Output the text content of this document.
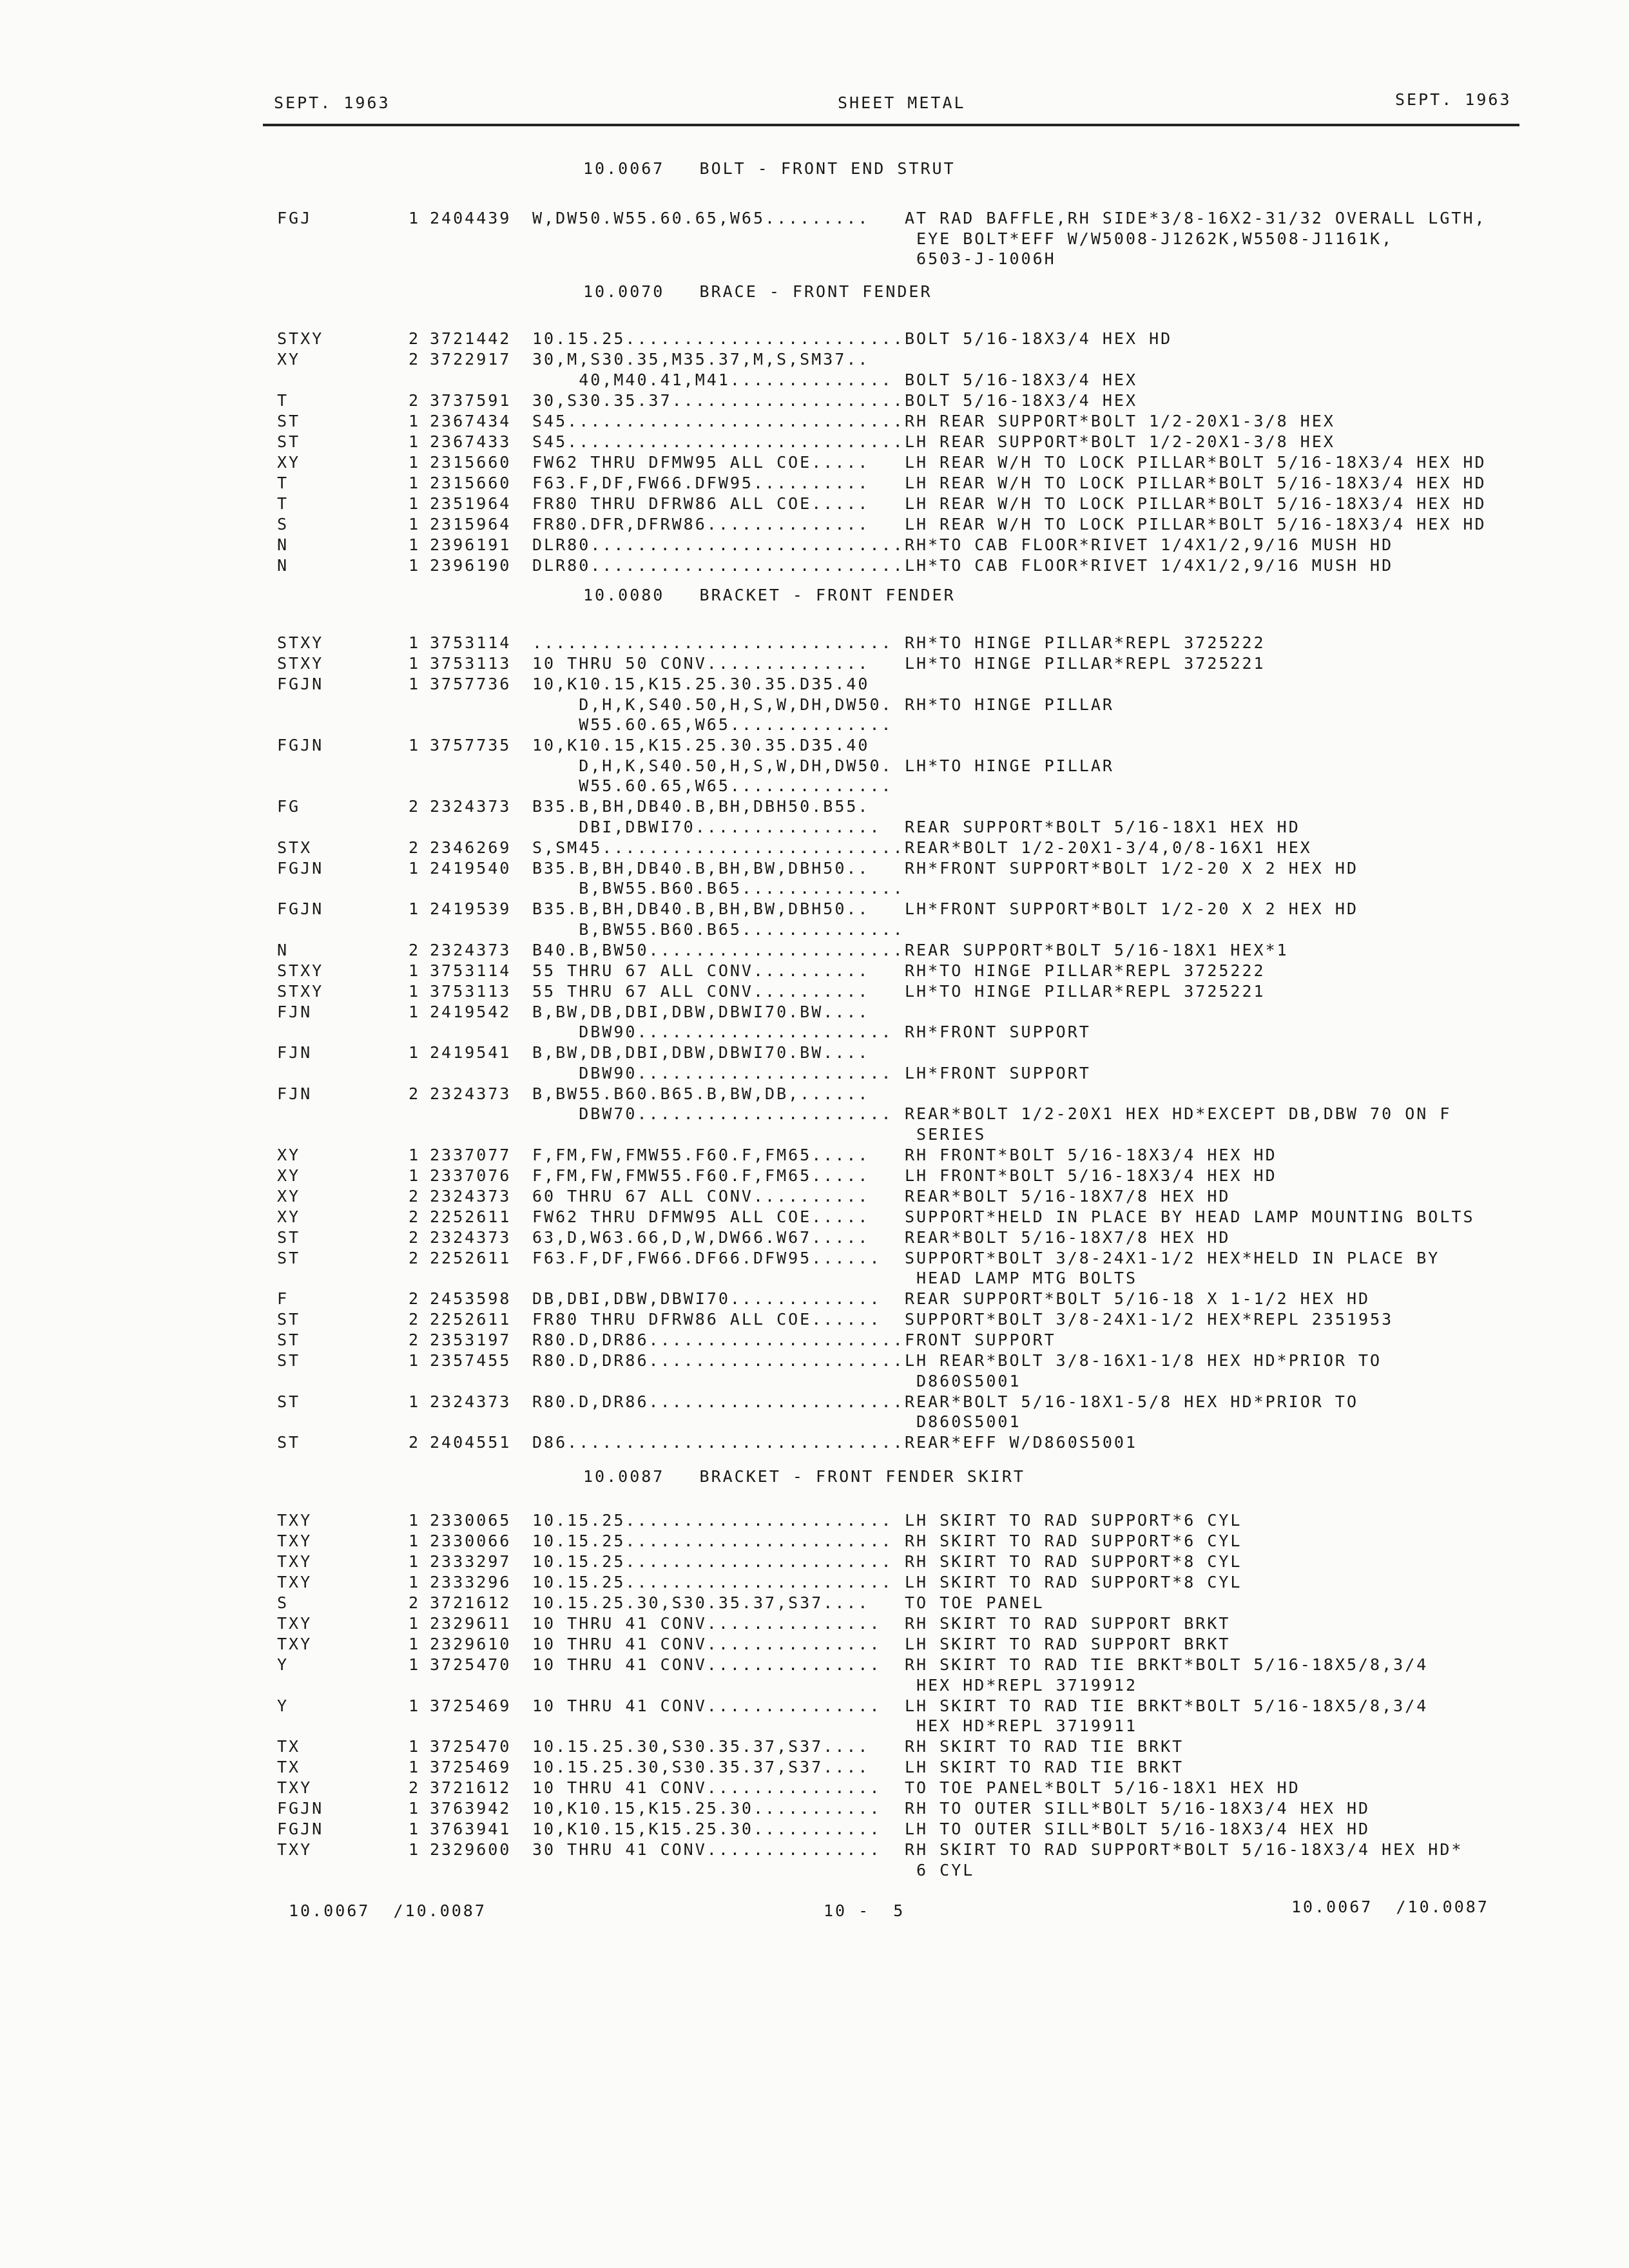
SEPT. 1963	SHEET METAL	SEPT. 1963
10.0067   BOLT - FRONT END STRUT
FGJ	1 2404439 W,DW50.W55.60.65,W65......... AT RAD BAFFLE,RH SIDE*3/8-16X2-31/32 OVERALL LGTH,
EYE BOLT*EFF W/W5008-J1262K,W5508-J1161K,
6503-J-1006H
10.0070   BRACE - FRONT FENDER
STXY	2 3721442 10.15.25........................ BOLT 5/16-18X3/4 HEX HD
XY	2 3722917 30,M,S30.35,M35.37,M,S,SM37..
40,M40.41,M41.............. BOLT 5/16-18X3/4 HEX
T	2 3737591 30,S30.35.37.................... BOLT 5/16-18X3/4 HEX
ST	1 2367434 S45............................. RH REAR SUPPORT*BOLT 1/2-20X1-3/8 HEX
ST	1 2367433 S45............................. LH REAR SUPPORT*BOLT 1/2-20X1-3/8 HEX
XY	1 2315660 FW62 THRU DFMW95 ALL COE..... LH REAR W/H TO LOCK PILLAR*BOLT 5/16-18X3/4 HEX HD
T	1 2315660 F63.F,DF,FW66.DFW95.......... LH REAR W/H TO LOCK PILLAR*BOLT 5/16-18X3/4 HEX HD
T	1 2351964 FR80 THRU DFRW86 ALL COE..... LH REAR W/H TO LOCK PILLAR*BOLT 5/16-18X3/4 HEX HD
S	1 2315964 FR80.DFR,DFRW86.............. LH REAR W/H TO LOCK PILLAR*BOLT 5/16-18X3/4 HEX HD
N	1 2396191 DLR80........................... RH*TO CAB FLOOR*RIVET 1/4X1/2,9/16 MUSH HD
N	1 2396190 DLR80........................... LH*TO CAB FLOOR*RIVET 1/4X1/2,9/16 MUSH HD
10.0080   BRACKET - FRONT FENDER
STXY	1 3753114 ............................... RH*TO HINGE PILLAR*REPL 3725222
STXY	1 3753113 10 THRU 50 CONV.............. LH*TO HINGE PILLAR*REPL 3725221
FGJN	1 3757736 10,K10.15,K15.25.30.35.D35.40
D,H,K,S40.50,H,S,W,DH,DW50.
W55.60.65,W65..............
RH*TO HINGE PILLAR
FGJN	1 3757735 10,K10.15,K15.25.30.35.D35.40
D,H,K,S40.50,H,S,W,DH,DW50.
W55.60.65,W65..............
LH*TO HINGE PILLAR
FG	2 2324373 B35.B,BH,DB40.B,BH,DBH50.B55.
DBI,DBWI70................ REAR SUPPORT*BOLT 5/16-18X1 HEX HD
STX	2 2346269 S,SM45.......................... REAR*BOLT 1/2-20X1-3/4,0/8-16X1 HEX
FGJN	1 2419540 B35.B,BH,DB40.B,BH,BW,DBH50..
B,BW55.B60.B65..............
RH*FRONT SUPPORT*BOLT 1/2-20 X 2 HEX HD
FGJN	1 2419539 B35.B,BH,DB40.B,BH,BW,DBH50..
B,BW55.B60.B65..............
LH*FRONT SUPPORT*BOLT 1/2-20 X 2 HEX HD
N	2 2324373 B40.B,BW50...................... REAR SUPPORT*BOLT 5/16-18X1 HEX*1
STXY	1 3753114 55 THRU 67 ALL CONV.......... RH*TO HINGE PILLAR*REPL 3725222
STXY	1 3753113 55 THRU 67 ALL CONV.......... LH*TO HINGE PILLAR*REPL 3725221
FJN	1 2419542 B,BW,DB,DBI,DBW,DBWI70.BW....
DBW90...................... RH*FRONT SUPPORT
FJN	1 2419541 B,BW,DB,DBI,DBW,DBWI70.BW....
DBW90...................... LH*FRONT SUPPORT
FJN	2 2324373 B,BW55.B60.B65.B,BW,DB,......
DBW70...................... REAR*BOLT 1/2-20X1 HEX HD*EXCEPT DB,DBW 70 ON F
SERIES
XY	1 2337077 F,FM,FW,FMW55.F60.F,FM65..... RH FRONT*BOLT 5/16-18X3/4 HEX HD
XY	1 2337076 F,FM,FW,FMW55.F60.F,FM65..... LH FRONT*BOLT 5/16-18X3/4 HEX HD
XY	2 2324373 60 THRU 67 ALL CONV.......... REAR*BOLT 5/16-18X7/8 HEX HD
XY	2 2252611 FW62 THRU DFMW95 ALL COE..... SUPPORT*HELD IN PLACE BY HEAD LAMP MOUNTING BOLTS
ST	2 2324373 63,D,W63.66,D,W,DW66.W67..... REAR*BOLT 5/16-18X7/8 HEX HD
ST	2 2252611 F63.F,DF,FW66.DF66.DFW95...... SUPPORT*BOLT 3/8-24X1-1/2 HEX*HELD IN PLACE BY
HEAD LAMP MTG BOLTS
F	2 2453598 DB,DBI,DBW,DBWI70............. REAR SUPPORT*BOLT 5/16-18 X 1-1/2 HEX HD
ST	2 2252611 FR80 THRU DFRW86 ALL COE...... SUPPORT*BOLT 3/8-24X1-1/2 HEX*REPL 2351953
ST	2 2353197 R80.D,DR86...................... FRONT SUPPORT
ST	1 2357455 R80.D,DR86...................... LH REAR*BOLT 3/8-16X1-1/8 HEX HD*PRIOR TO
D860S5001
ST	1 2324373 R80.D,DR86...................... REAR*BOLT 5/16-18X1-5/8 HEX HD*PRIOR TO
D860S5001
ST	2 2404551 D86............................. REAR*EFF W/D860S5001
10.0087   BRACKET - FRONT FENDER SKIRT
TXY	1 2330065 10.15.25....................... LH SKIRT TO RAD SUPPORT*6 CYL
TXY	1 2330066 10.15.25....................... RH SKIRT TO RAD SUPPORT*6 CYL
TXY	1 2333297 10.15.25....................... RH SKIRT TO RAD SUPPORT*8 CYL
TXY	1 2333296 10.15.25....................... LH SKIRT TO RAD SUPPORT*8 CYL
S	2 3721612 10.15.25.30,S30.35.37,S37.... TO TOE PANEL
TXY	1 2329611 10 THRU 41 CONV............... RH SKIRT TO RAD SUPPORT BRKT
TXY	1 2329610 10 THRU 41 CONV............... LH SKIRT TO RAD SUPPORT BRKT
Y	1 3725470 10 THRU 41 CONV............... RH SKIRT TO RAD TIE BRKT*BOLT 5/16-18X5/8,3/4
HEX HD*REPL 3719912
Y	1 3725469 10 THRU 41 CONV............... LH SKIRT TO RAD TIE BRKT*BOLT 5/16-18X5/8,3/4
HEX HD*REPL 3719911
TX	1 3725470 10.15.25.30,S30.35.37,S37.... RH SKIRT TO RAD TIE BRKT
TX	1 3725469 10.15.25.30,S30.35.37,S37.... LH SKIRT TO RAD TIE BRKT
TXY	2 3721612 10 THRU 41 CONV............... TO TOE PANEL*BOLT 5/16-18X1 HEX HD
FGJN	1 3763942 10,K10.15,K15.25.30........... RH TO OUTER SILL*BOLT 5/16-18X3/4 HEX HD
FGJN	1 3763941 10,K10.15,K15.25.30........... LH TO OUTER SILL*BOLT 5/16-18X3/4 HEX HD
TXY	1 2329600 30 THRU 41 CONV............... RH SKIRT TO RAD SUPPORT*BOLT 5/16-18X3/4 HEX HD*
6 CYL
10.0067  /10.0087	10 -  5	10.0067  /10.0087
